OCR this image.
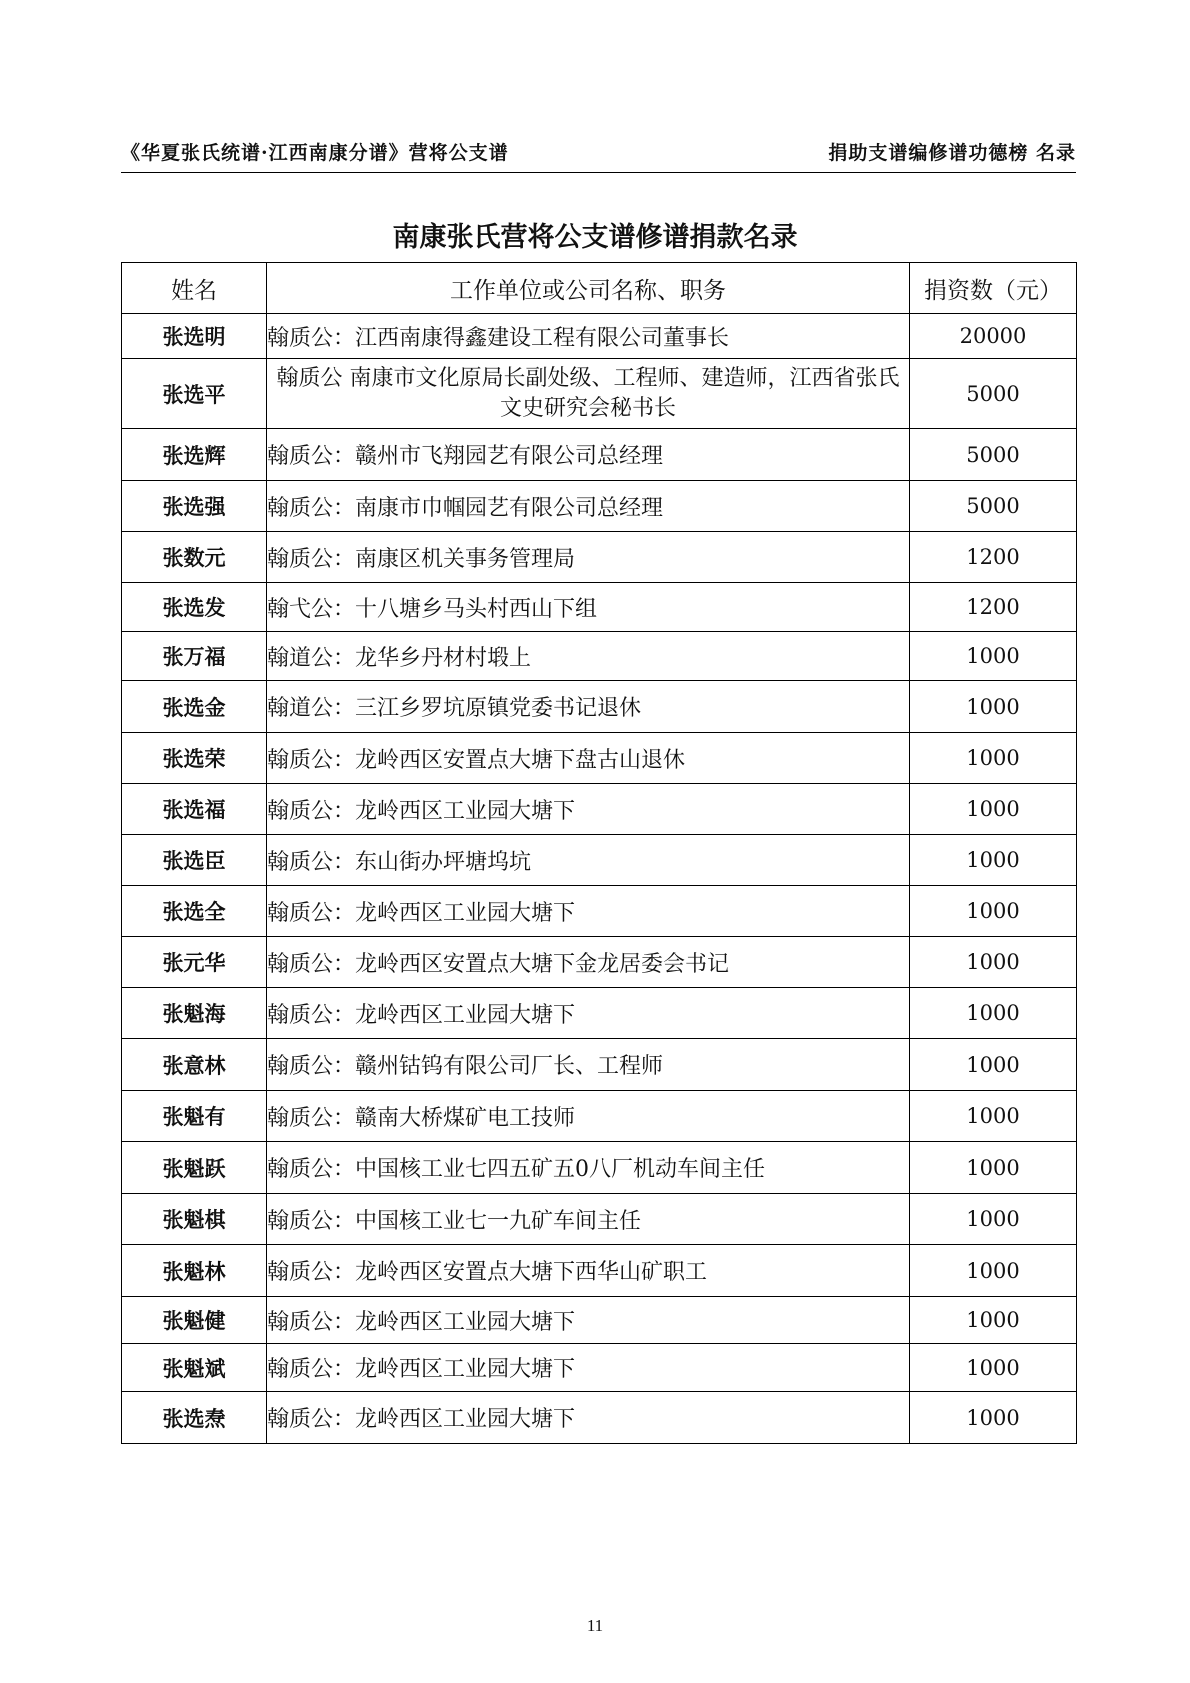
《华夏张氏统谱·江西南康分谱》营将公支谱	捐助支谱编修谱功德榜 名录
南康张氏营将公支谱修谱捐款名录
姓名	工作单位或公司名称、职务	捐资数（元）
张选明	翰质公：江西南康得鑫建设工程有限公司董事长	20000
张选平	翰质公 南康市文化原局长副处级、工程师、建造师，江西省张氏文史研究会秘书长	5000
张选辉	翰质公：赣州市飞翔园艺有限公司总经理	5000
张选强	翰质公：南康市巾帼园艺有限公司总经理	5000
张数元	翰质公：南康区机关事务管理局	1200
张选发	翰弋公：十八塘乡马头村西山下组	1200
张万福	翰道公：龙华乡丹材村塅上	1000
张选金	翰道公：三江乡罗坑原镇党委书记退休	1000
张选荣	翰质公：龙岭西区安置点大塘下盘古山退休	1000
张选福	翰质公：龙岭西区工业园大塘下	1000
张选臣	翰质公：东山街办坪塘坞坑	1000
张选全	翰质公：龙岭西区工业园大塘下	1000
张元华	翰质公：龙岭西区安置点大塘下金龙居委会书记	1000
张魁海	翰质公：龙岭西区工业园大塘下	1000
张意林	翰质公：赣州钴钨有限公司厂长、工程师	1000
张魁有	翰质公：赣南大桥煤矿电工技师	1000
张魁跃	翰质公：中国核工业七四五矿五0八厂机动车间主任	1000
张魁棋	翰质公：中国核工业七一九矿车间主任	1000
张魁林	翰质公：龙岭西区安置点大塘下西华山矿职工	1000
张魁健	翰质公：龙岭西区工业园大塘下	1000
张魁斌	翰质公：龙岭西区工业园大塘下	1000
张选焘	翰质公：龙岭西区工业园大塘下	1000
11
